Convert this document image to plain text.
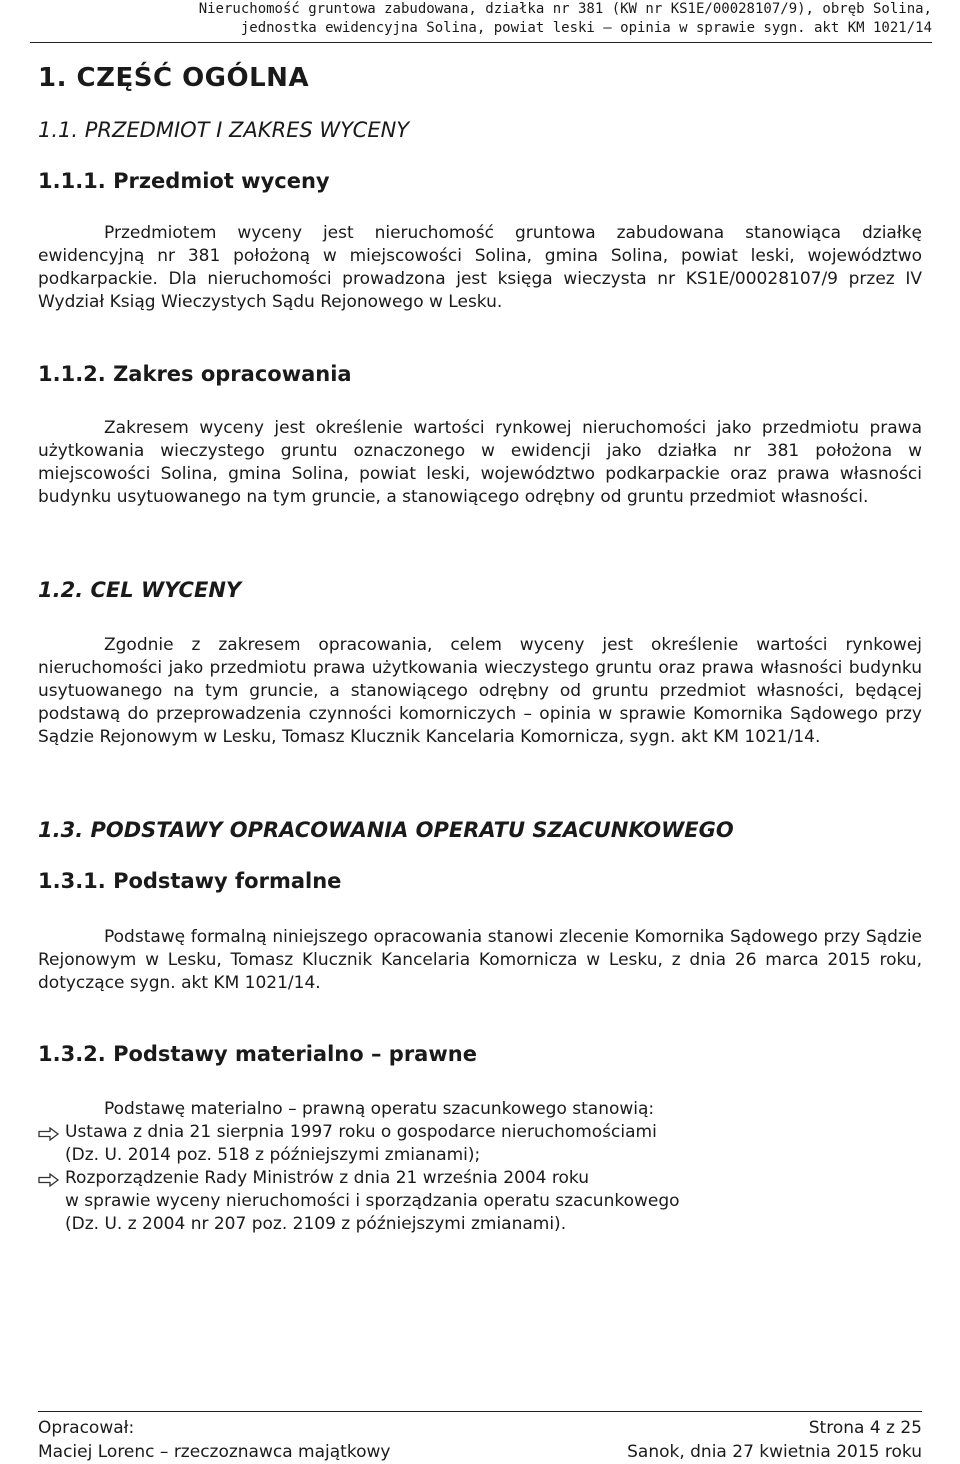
Nieruchomość gruntowa zabudowana, działka nr 381 (KW nr KS1E/00028107/9), obręb Solina,
jednostka ewidencyjna Solina, powiat leski – opinia w sprawie sygn. akt KM 1021/14
1. CZĘŚĆ OGÓLNA
1.1. PRZEDMIOT I ZAKRES WYCENY
1.1.1. Przedmiot wyceny
Przedmiotem wyceny jest nieruchomość gruntowa zabudowana stanowiąca działkę ewidencyjną nr 381 położoną w miejscowości Solina, gmina Solina, powiat leski, województwo podkarpackie. Dla nieruchomości prowadzona jest księga wieczysta nr KS1E/00028107/9 przez IV Wydział Ksiąg Wieczystych Sądu Rejonowego w Lesku.
1.1.2. Zakres opracowania
Zakresem wyceny jest określenie wartości rynkowej nieruchomości jako przedmiotu prawa użytkowania wieczystego gruntu oznaczonego w ewidencji jako działka nr 381 położona w miejscowości Solina, gmina Solina, powiat leski, województwo podkarpackie oraz prawa własności budynku usytuowanego na tym gruncie, a stanowiącego odrębny od gruntu przedmiot własności.
1.2. CEL WYCENY
Zgodnie z zakresem opracowania, celem wyceny jest określenie wartości rynkowej nieruchomości jako przedmiotu prawa użytkowania wieczystego gruntu oraz prawa własności budynku usytuowanego na tym gruncie, a stanowiącego odrębny od gruntu przedmiot własności, będącej podstawą do przeprowadzenia czynności komorniczych – opinia w sprawie Komornika Sądowego przy Sądzie Rejonowym w Lesku, Tomasz Klucznik Kancelaria Komornicza, sygn. akt KM 1021/14.
1.3. PODSTAWY OPRACOWANIA OPERATU SZACUNKOWEGO
1.3.1. Podstawy formalne
Podstawę formalną niniejszego opracowania stanowi zlecenie Komornika Sądowego przy Sądzie Rejonowym w Lesku, Tomasz Klucznik Kancelaria Komornicza w Lesku, z dnia 26 marca 2015 roku, dotyczące sygn. akt KM 1021/14.
1.3.2. Podstawy materialno – prawne
Podstawę materialno – prawną operatu szacunkowego stanowią:
Ustawa z dnia 21 sierpnia 1997 roku o gospodarce nieruchomościami
(Dz. U. 2014 poz. 518 z późniejszymi zmianami);
Rozporządzenie Rady Ministrów z dnia 21 września 2004 roku
w sprawie wyceny nieruchomości i sporządzania operatu szacunkowego
(Dz. U. z 2004 nr 207 poz. 2109 z późniejszymi zmianami).
Opracował:	Strona 4 z 25
Maciej Lorenc – rzeczoznawca majątkowy	Sanok, dnia 27 kwietnia 2015 roku
